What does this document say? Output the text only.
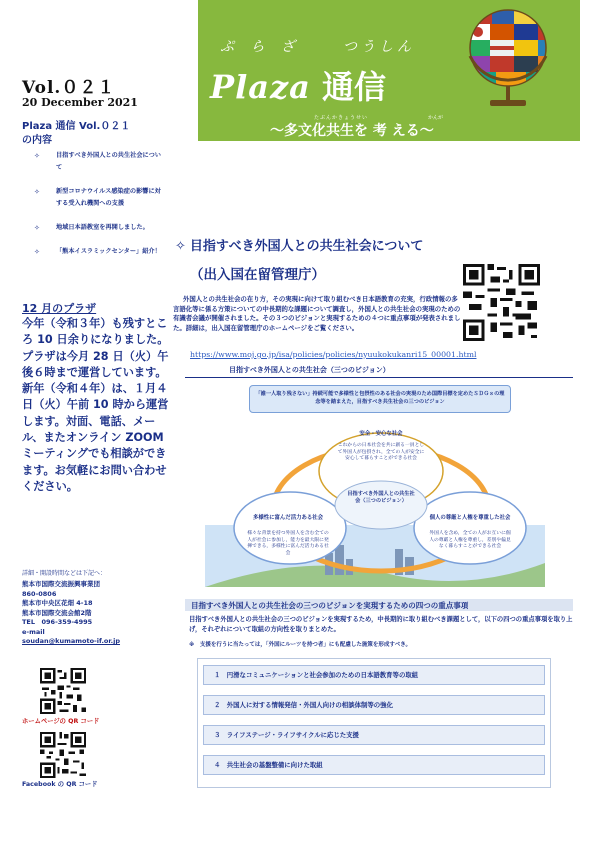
ぷ ら ざ	つうしん
Plaza 通信
たぶんかきょうせい	かんが
～多文化共生を 考 える～
Vol.０２１
20 December 2021
Plaza 通信 Vol.０２１
の内容
✧	目指すべき外国人との共生社会について
✧	新型コロナウイルス感染症の影響に対する受入れ機関への支援
✧	地域日本語教室を再開しました。
✧	「熊本イスラミックセンター」紹介！
12 月のプラザ
今年（令和３年）も残すところ 10 日余りになりました。プラザは今月 28 日（火）午後６時まで運営しています。新年（令和４年）は、１月４日（火）午前 10 時から運営します。対面、電話、メール、またオンライン ZOOM ミーティングでも相談ができます。お気軽にお問い合わせください。
詳細・開設時間などは下記へ：
熊本市国際交流振興事業団
860-0806
熊本市中央区花畑 4-18
熊本市国際交流会館2階
TEL　096-359-4995
e-mail
soudan@kumamoto-if.or.jp
ホームページの QR コード
Facebook の QR コード
✧ 目指すべき外国人との共生社会について
（出入国在留管理庁）
外国人との共生社会の在り方，その実現に向けて取り組むべき日本語教育の充実，行政情報の多言語化等に係る方策についての中長期的な課題について調査し，外国人との共生社会の実現のための有識者会議が開催されました。その３つのビジョンと実現するための４つに重点事項が発表されました。詳細は，出入国在留管理庁のホームページをご覧ください。
https://www.moj.go.jp/isa/policies/policies/nyuukokukanri15_00001.html
目指すべき外国人との共生社会（三つのビジョン）
「誰一人取り残さない」持続可能で多様性と包摂性のある社会の実現のため国際目標を定めたＳＤＧｓの理念等を踏まえた，目指すべき共生社会の三つのビジョン
安全・安心な社会
これからの日本社会を共に創る一員として外国人が包摂され，全ての人が安全に安心して暮らすことができる社会
目指すべき外国人との共生社会（三つのビジョン）
多様性に富んだ活力ある社会
様々な背景を持つ外国人を含む全ての人が社会に参加し，能力を最大限に発揮できる，多様性に富んだ活力ある社会
個人の尊厳と人権を尊重した社会
外国人を含め，全ての人がお互いに個人の尊厳と人権を尊重し，差別や偏見なく暮らすことができる社会
目指すべき外国人との共生社会の三つのビジョンを実現するための四つの重点事項
目指すべき外国人との共生社会の三つのビジョンを実現するため，中長期的に取り組むべき課題として，以下の四つの重点事項を取り上げ，それぞれについて取組の方向性を取りまとめた。
※　支援を行うに当たっては，「外国にルーツを持つ者」にも配慮した施策を形成すべき。
１　円滑なコミュニケーションと社会参加のための日本語教育等の取組
２　外国人に対する情報発信・外国人向けの相談体制等の強化
３　ライフステージ・ライフサイクルに応じた支援
４　共生社会の基盤整備に向けた取組
